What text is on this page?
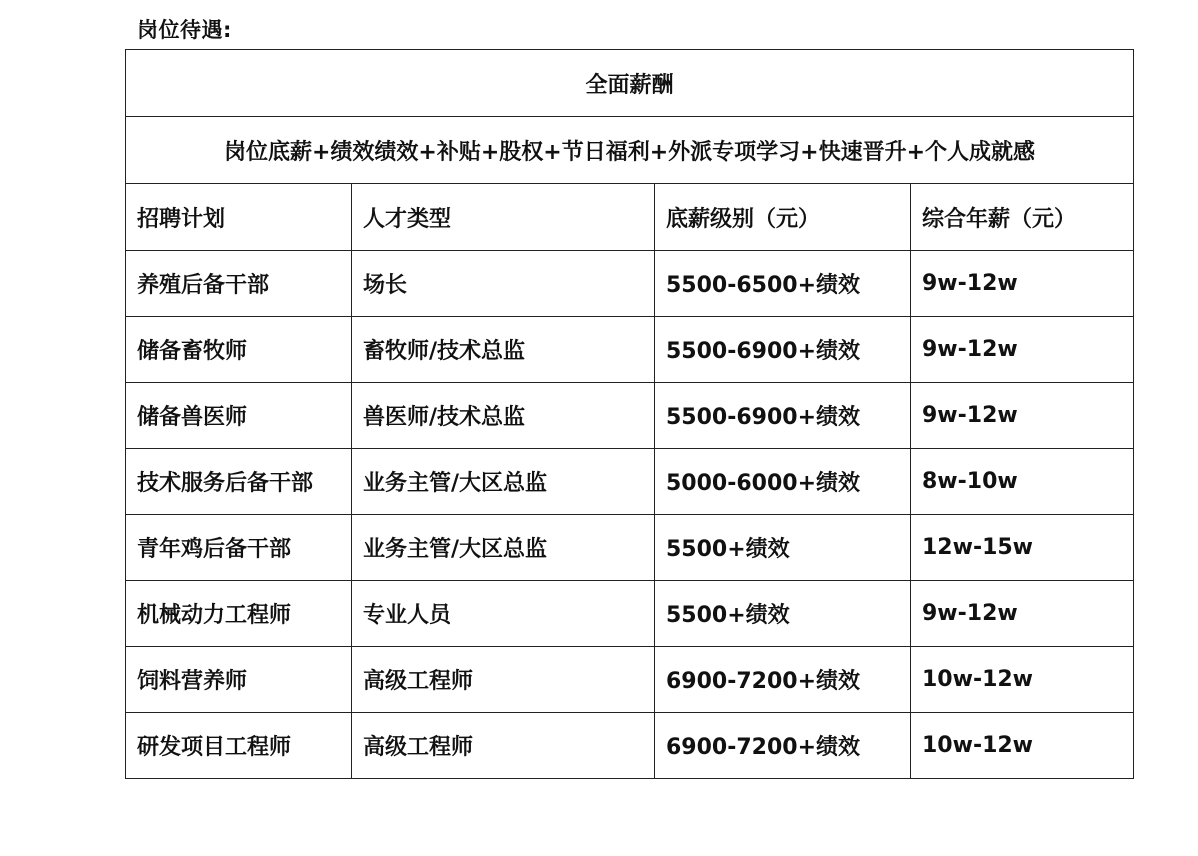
岗位待遇:
全面薪酬			
岗位底薪+绩效绩效+补贴+股权+节日福利+外派专项学习+快速晋升+个人成就感			
招聘计划	人才类型	底薪级别（元）	综合年薪（元）
养殖后备干部	场长	5500-6500+绩效	9w-12w
储备畜牧师	畜牧师/技术总监	5500-6900+绩效	9w-12w
储备兽医师	兽医师/技术总监	5500-6900+绩效	9w-12w
技术服务后备干部	业务主管/大区总监	5000-6000+绩效	8w-10w
青年鸡后备干部	业务主管/大区总监	5500+绩效	12w-15w
机械动力工程师	专业人员	5500+绩效	9w-12w
饲料营养师	高级工程师	6900-7200+绩效	10w-12w
研发项目工程师	高级工程师	6900-7200+绩效	10w-12w
